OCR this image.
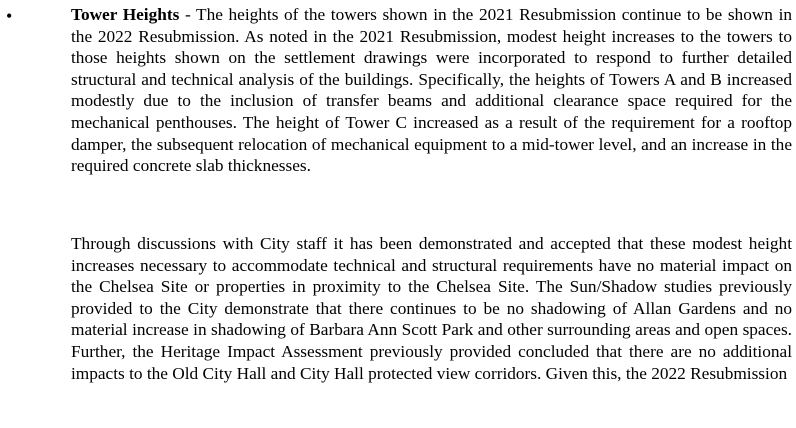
•	Tower Heights - The heights of the towers shown in the 2021 Resubmission continue to be shown in the 2022 Resubmission. As noted in the 2021 Resubmission, modest height increases to the towers to those heights shown on the settlement drawings were incorporated to respond to further detailed structural and technical analysis of the buildings. Specifically, the heights of Towers A and B increased modestly due to the inclusion of transfer beams and additional clearance space required for the mechanical penthouses. The height of Tower C increased as a result of the requirement for a rooftop damper, the subsequent relocation of mechanical equipment to a mid-tower level, and an increase in the required concrete slab thicknesses.

Through discussions with City staff it has been demonstrated and accepted that these modest height increases necessary to accommodate technical and structural requirements have no material impact on the Chelsea Site or properties in proximity to the Chelsea Site. The Sun/Shadow studies previously provided to the City demonstrate that there continues to be no shadowing of Allan Gardens and no material increase in shadowing of Barbara Ann Scott Park and other surrounding areas and open spaces. Further, the Heritage Impact Assessment previously provided concluded that there are no additional impacts to the Old City Hall and City Hall protected view corridors. Given this, the 2022 Resubmission
